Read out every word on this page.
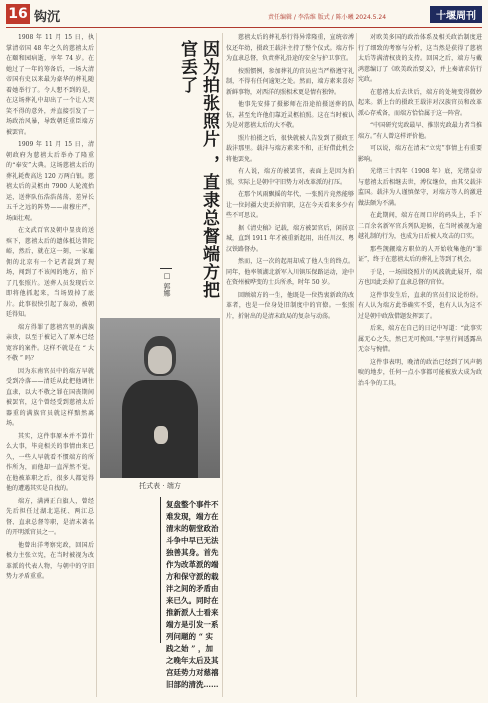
16 钩沉	责任编辑 / 李浩维 版式 / 陈小曦 2024.5.24	十堰周刊

1908 年 11 月 15 日，执掌清帝国 48 年之久的慈禧太后在颐和园病逝，享年 74 岁。在她过了一年的筹备后，一场大清帝国有史以来最为豪华的葬礼随着她举行了。令人想不到的是，在这场葬礼中却出了一个让人哭笑不得的意外，并直接引发了一场政治风暴，导致朝廷重臣端方被罢官。

1909 年 11 月 15 日，清朝政府为慈禧太后举办了隆重的“奉安”大典。这场慈禧太后的葬礼耗费高达 120 万两白银。慈禧太后的灵柩由 7900 人轮流抬运，送葬队伍浩浩荡荡，差异长五千之远的阵势——肃穆庄严，场面壮观。

在文武百官及朝中显贵的送殡下，慈禧太后的遗体抵达普陀峪，然后，就在这一刻，一家雇佣的北京有一个记者混到了现场，闯到了不该闯的地方，拍下了几张照片。送葬人员发现后立即将他抓起来，当场毁掉了底片。此事很快引起了轰动，被朝廷得知。

端方得罪了慈禧宫里的满族亲贵，以至于被记入了原本已经宽容的案件。这样不就是在 “ 大不敬 ” 吗？

因为东南官员中的端方早就受到冷落——清廷从此把他调往直隶，以大不敬之罪在国丧期间被罢官，这个曾经受到慈禧太后器重的满族官员就这样黯然离场。

其实，这件事原本并不算什么大事，毕竟相关的事情由来已久，一些人早就看不惯端方的所作所为，而他却一直浑然不觉。在他被革职之后，很多人都觉得他的遭遇其实是自找的。

端方，满洲正白旗人，曾经先后担任过湖北巡抚、两江总督、直隶总督等职，是清末著名的开明派官员之一。

他曾出洋考察宪政，回国后极力主张立宪，在当时被视为改革派的代表人物，与朝中的守旧势力矛盾重重。

因为拍张照片 ，直隶总督端方把官丢了
□ 郭娜
托式表 · 端方
复盘整个事件不难发现，端方在清末的朝堂政治斗争中早已无法独善其身。首先作为改革派的端方和保守派的载沣之间的矛盾由来已久。同时在推新派人士看来端方是引发一系列问题的 “ 实践之始 ” ，加之晚年太后及其宫廷势力对慈禧旧部的清洗……

慈禧太后的葬礼举行得异常隆重，宣统帝溥仪还年幼，摄政王载沣主持了整个仪式。端方作为直隶总督，负责葬礼沿途的安全与护卫事宜。

按照惯例，参加葬礼的官员应当严格遵守礼制，不得有任何逾矩之处。然而，端方素来喜好新鲜事物，对西洋的照相术更是情有独钟。

他事先安排了摄影师在沿途拍摄送葬的队伍，甚至允许他们靠近灵柩拍照。这在当时被认为是对慈禧太后的大不敬。

照片拍摄之后，很快就被人告发到了摄政王载沣那里。载沣与端方素来不和，正好借此机会将他罢免。

有人说，端方的被罢官，表面上是因为拍照，实际上是朝中守旧势力对改革派的打压。

在那个风雨飘摇的年代，一张照片竟然能够让一位封疆大吏丢掉官职，这在今天看来多少有些不可思议。

据《清史稿》记载，端方被罢官后，闲居京城，直到 1911 年才被重新起用，出任川汉、粤汉铁路督办。

然而，这一次的起用却成了他人生的终点。同年，他率领湖北新军入川镇压保路运动，途中在资州被哗变的士兵所杀，时年 50 岁。

回顾端方的一生，他既是一位热衷新政的改革者，也是一位身处旧制度中的官僚。一张照片，折射出的是清末政局的复杂与动荡。

对欧美多国的政治体系及相关政治制度进行了细致的考察与分析，这当然是获得了慈禧太后等满清权贵的支持。回国之后，端方与戴鸿慈编订了《欧美政治要义》，并上奏请求仿行宪政。

在慈禧太后去世后，端方的处境变得微妙起来。新上台的摄政王载沣对汉族官员和改革派心存戒备，而端方恰恰属于这一阵营。

“中国研究宪政最早、推崇宪政最力者当推端方。”有人曾这样评价他。

可以说，端方在清末“立宪”事情上有重要影响。

光绪三十四年（1908 年）底，光绪皇帝与慈禧太后相继去世，溥仪继位，由其父载沣监国。载沣为人谨慎保守，对端方等人的激进做法颇为不满。

在此期间，端方在周口岸的码头上，手下二百余名新军官兵列队迎候，在当时被视为逾越礼制的行为，也成为日后被人攻击的口实。

那些觊觎端方职位的人开始收集他的“罪证”，终于在慈禧太后的葬礼上等到了机会。

于是，一场围绕照片的风波就此展开，端方也因此丢掉了直隶总督的官位。

这件事发生后，直隶的官员们议论纷纷。有人认为端方此举确实不妥，也有人认为这不过是朝中政敌借题发挥罢了。

后来，端方在自己的日记中写道：“此事实属无心之失，然已无可挽回。”字里行间透露出无奈与惋惜。

这件事表明，晚清的政治已经到了风声鹤唳的地步，任何一点小事都可能被放大成为政治斗争的工具。
